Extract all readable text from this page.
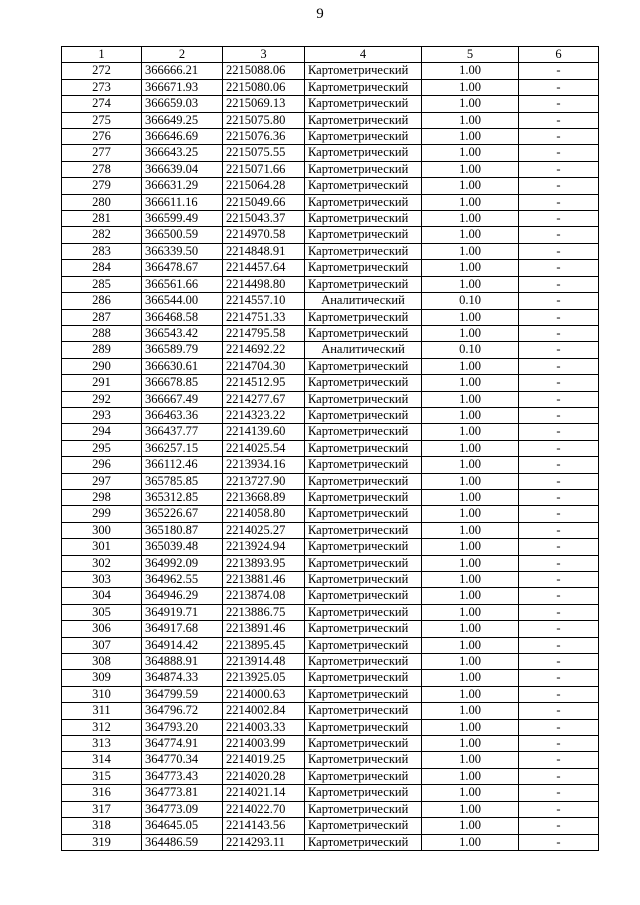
9
1	2	3	4	5	6
272	366666.21	2215088.06	Картометрический	1.00	-
273	366671.93	2215080.06	Картометрический	1.00	-
274	366659.03	2215069.13	Картометрический	1.00	-
275	366649.25	2215075.80	Картометрический	1.00	-
276	366646.69	2215076.36	Картометрический	1.00	-
277	366643.25	2215075.55	Картометрический	1.00	-
278	366639.04	2215071.66	Картометрический	1.00	-
279	366631.29	2215064.28	Картометрический	1.00	-
280	366611.16	2215049.66	Картометрический	1.00	-
281	366599.49	2215043.37	Картометрический	1.00	-
282	366500.59	2214970.58	Картометрический	1.00	-
283	366339.50	2214848.91	Картометрический	1.00	-
284	366478.67	2214457.64	Картометрический	1.00	-
285	366561.66	2214498.80	Картометрический	1.00	-
286	366544.00	2214557.10	Аналитический	0.10	-
287	366468.58	2214751.33	Картометрический	1.00	-
288	366543.42	2214795.58	Картометрический	1.00	-
289	366589.79	2214692.22	Аналитический	0.10	-
290	366630.61	2214704.30	Картометрический	1.00	-
291	366678.85	2214512.95	Картометрический	1.00	-
292	366667.49	2214277.67	Картометрический	1.00	-
293	366463.36	2214323.22	Картометрический	1.00	-
294	366437.77	2214139.60	Картометрический	1.00	-
295	366257.15	2214025.54	Картометрический	1.00	-
296	366112.46	2213934.16	Картометрический	1.00	-
297	365785.85	2213727.90	Картометрический	1.00	-
298	365312.85	2213668.89	Картометрический	1.00	-
299	365226.67	2214058.80	Картометрический	1.00	-
300	365180.87	2214025.27	Картометрический	1.00	-
301	365039.48	2213924.94	Картометрический	1.00	-
302	364992.09	2213893.95	Картометрический	1.00	-
303	364962.55	2213881.46	Картометрический	1.00	-
304	364946.29	2213874.08	Картометрический	1.00	-
305	364919.71	2213886.75	Картометрический	1.00	-
306	364917.68	2213891.46	Картометрический	1.00	-
307	364914.42	2213895.45	Картометрический	1.00	-
308	364888.91	2213914.48	Картометрический	1.00	-
309	364874.33	2213925.05	Картометрический	1.00	-
310	364799.59	2214000.63	Картометрический	1.00	-
311	364796.72	2214002.84	Картометрический	1.00	-
312	364793.20	2214003.33	Картометрический	1.00	-
313	364774.91	2214003.99	Картометрический	1.00	-
314	364770.34	2214019.25	Картометрический	1.00	-
315	364773.43	2214020.28	Картометрический	1.00	-
316	364773.81	2214021.14	Картометрический	1.00	-
317	364773.09	2214022.70	Картометрический	1.00	-
318	364645.05	2214143.56	Картометрический	1.00	-
319	364486.59	2214293.11	Картометрический	1.00	-
